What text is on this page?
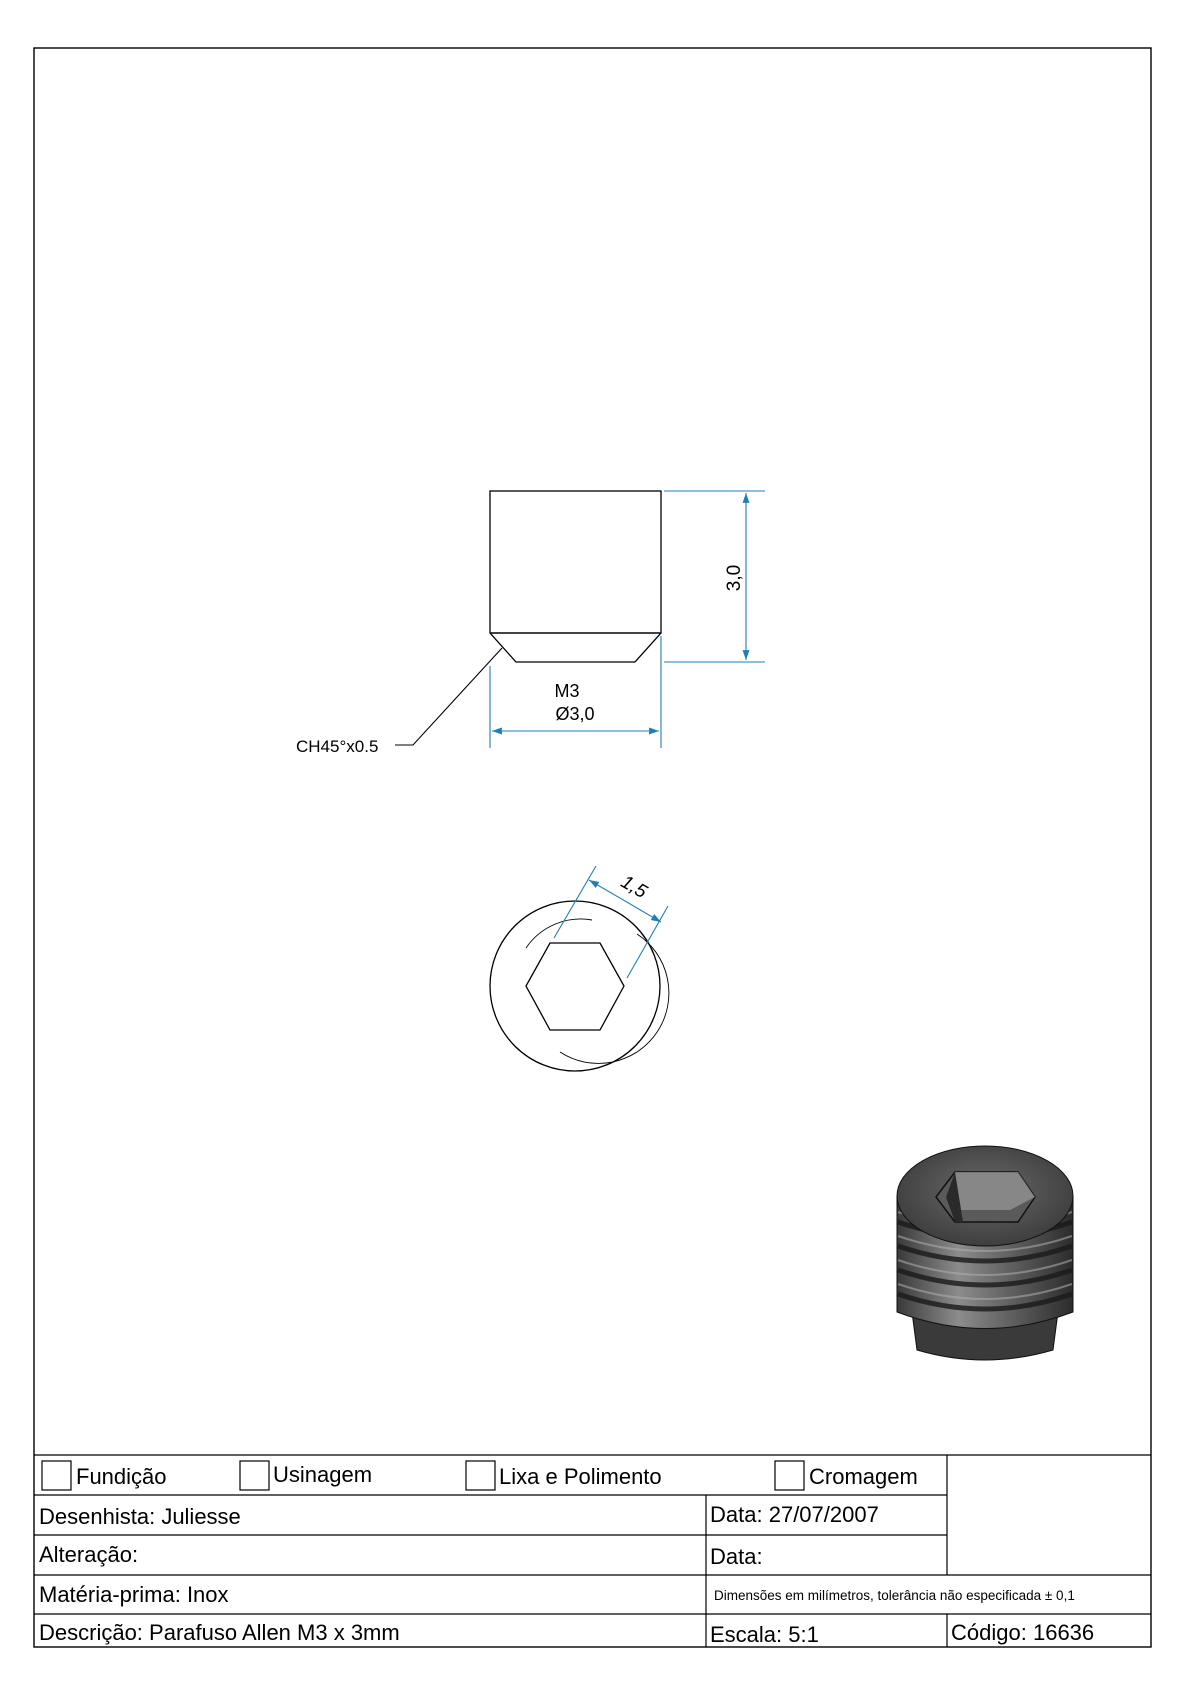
3,0
M3
Ø3,0
CH45°x0.5
1,5
Fundição	Usinagem	Lixa e Polimento	Cromagem
Desenhista: Juliesse	Data: 27/07/2007
Alteração:	Data:
Matéria-prima: Inox	Dimensões em milímetros, tolerância não especificada ± 0,1
Descrição: Parafuso Allen M3 x 3mm	Escala: 5:1	Código: 16636
